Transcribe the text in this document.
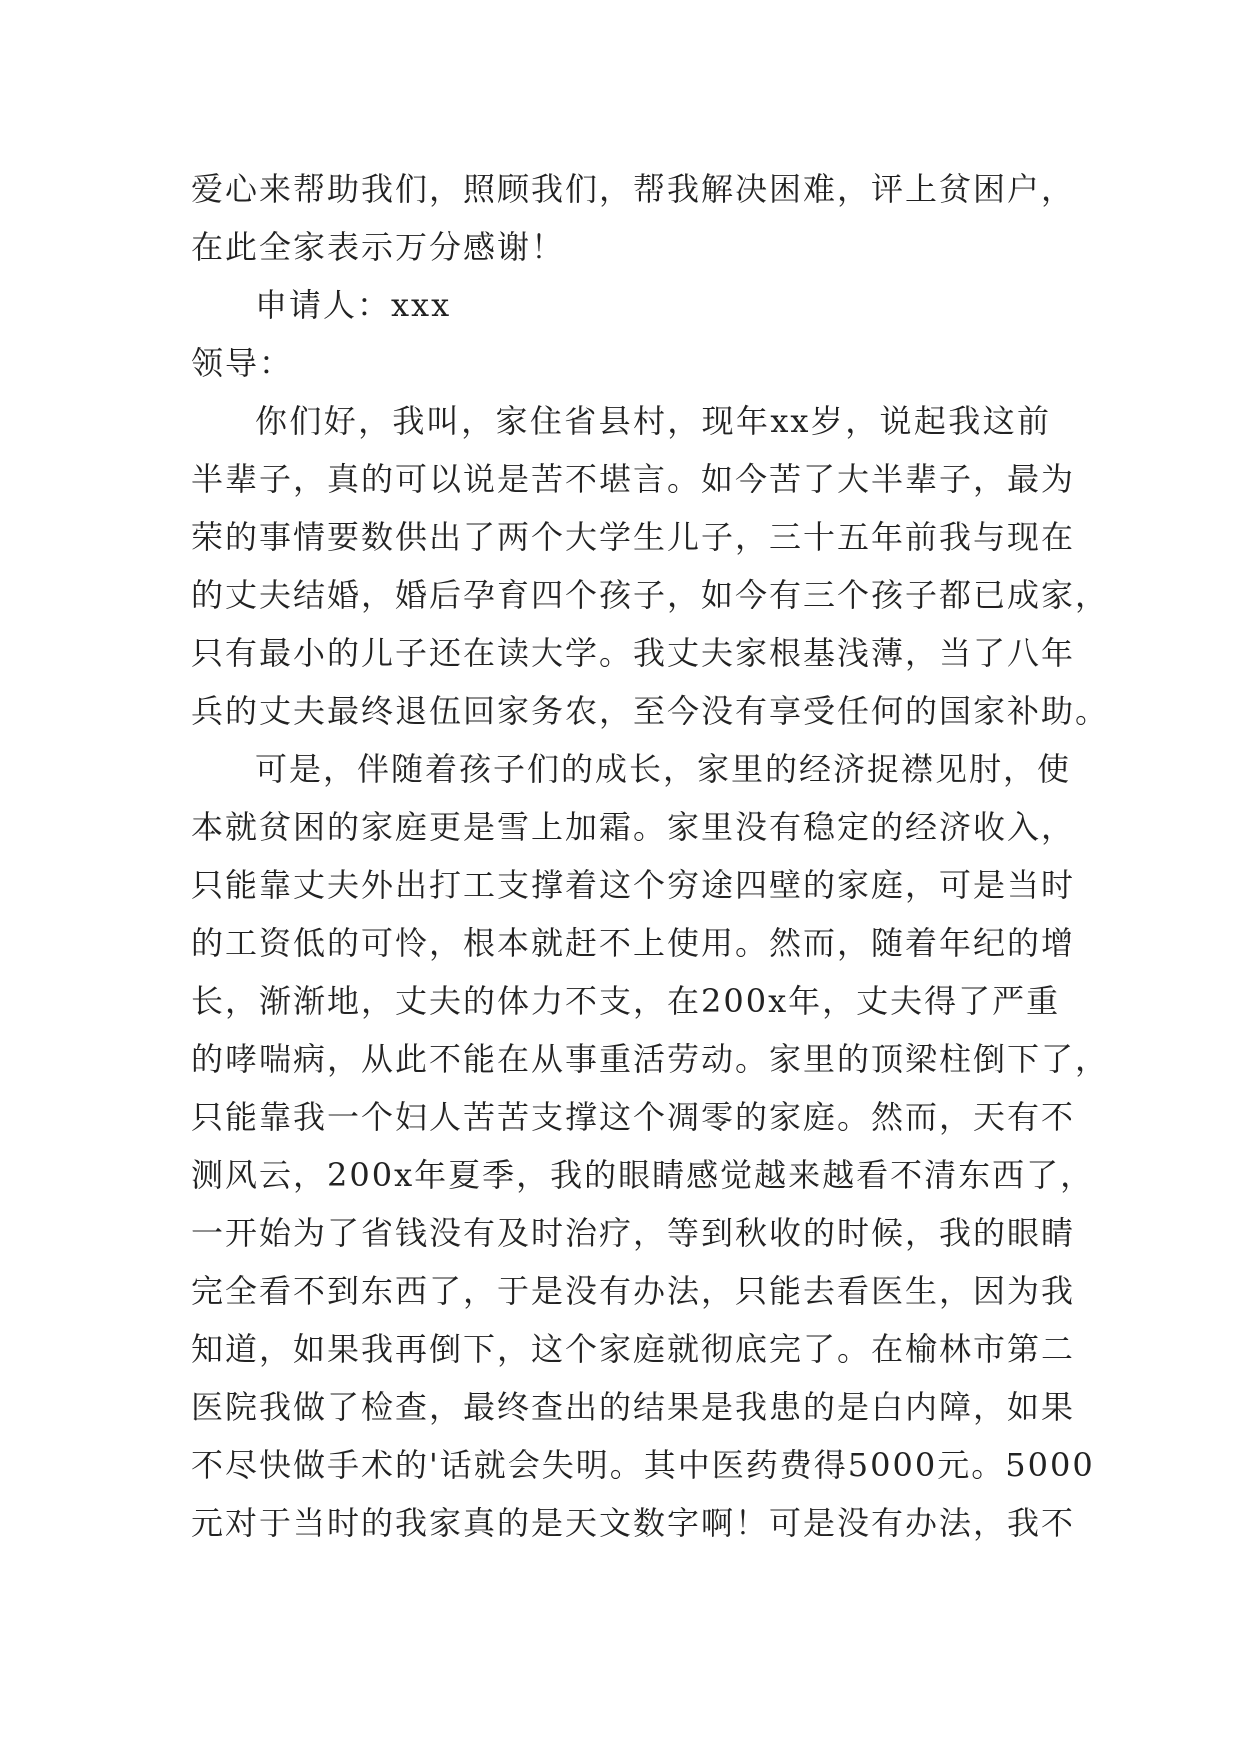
爱心来帮助我们，照顾我们，帮我解决困难，评上贫困户，
在此全家表示万分感谢！
申请人：xxx
领导：
你们好，我叫，家住省县村，现年xx岁，说起我这前
半辈子，真的可以说是苦不堪言。如今苦了大半辈子，最为
荣的事情要数供出了两个大学生儿子，三十五年前我与现在
的丈夫结婚，婚后孕育四个孩子，如今有三个孩子都已成家，
只有最小的儿子还在读大学。我丈夫家根基浅薄，当了八年
兵的丈夫最终退伍回家务农，至今没有享受任何的国家补助。
可是，伴随着孩子们的成长，家里的经济捉襟见肘，使
本就贫困的家庭更是雪上加霜。家里没有稳定的经济收入，
只能靠丈夫外出打工支撑着这个穷途四壁的家庭，可是当时
的工资低的可怜，根本就赶不上使用。然而，随着年纪的增
长，渐渐地，丈夫的体力不支，在200x年，丈夫得了严重
的哮喘病，从此不能在从事重活劳动。家里的顶梁柱倒下了，
只能靠我一个妇人苦苦支撑这个凋零的家庭。然而，天有不
测风云，200x年夏季，我的眼睛感觉越来越看不清东西了，
一开始为了省钱没有及时治疗，等到秋收的时候，我的眼睛
完全看不到东西了，于是没有办法，只能去看医生，因为我
知道，如果我再倒下，这个家庭就彻底完了。在榆林市第二
医院我做了检查，最终查出的结果是我患的是白内障，如果
不尽快做手术的'话就会失明。其中医药费得5000元。5000
元对于当时的我家真的是天文数字啊！可是没有办法，我不
